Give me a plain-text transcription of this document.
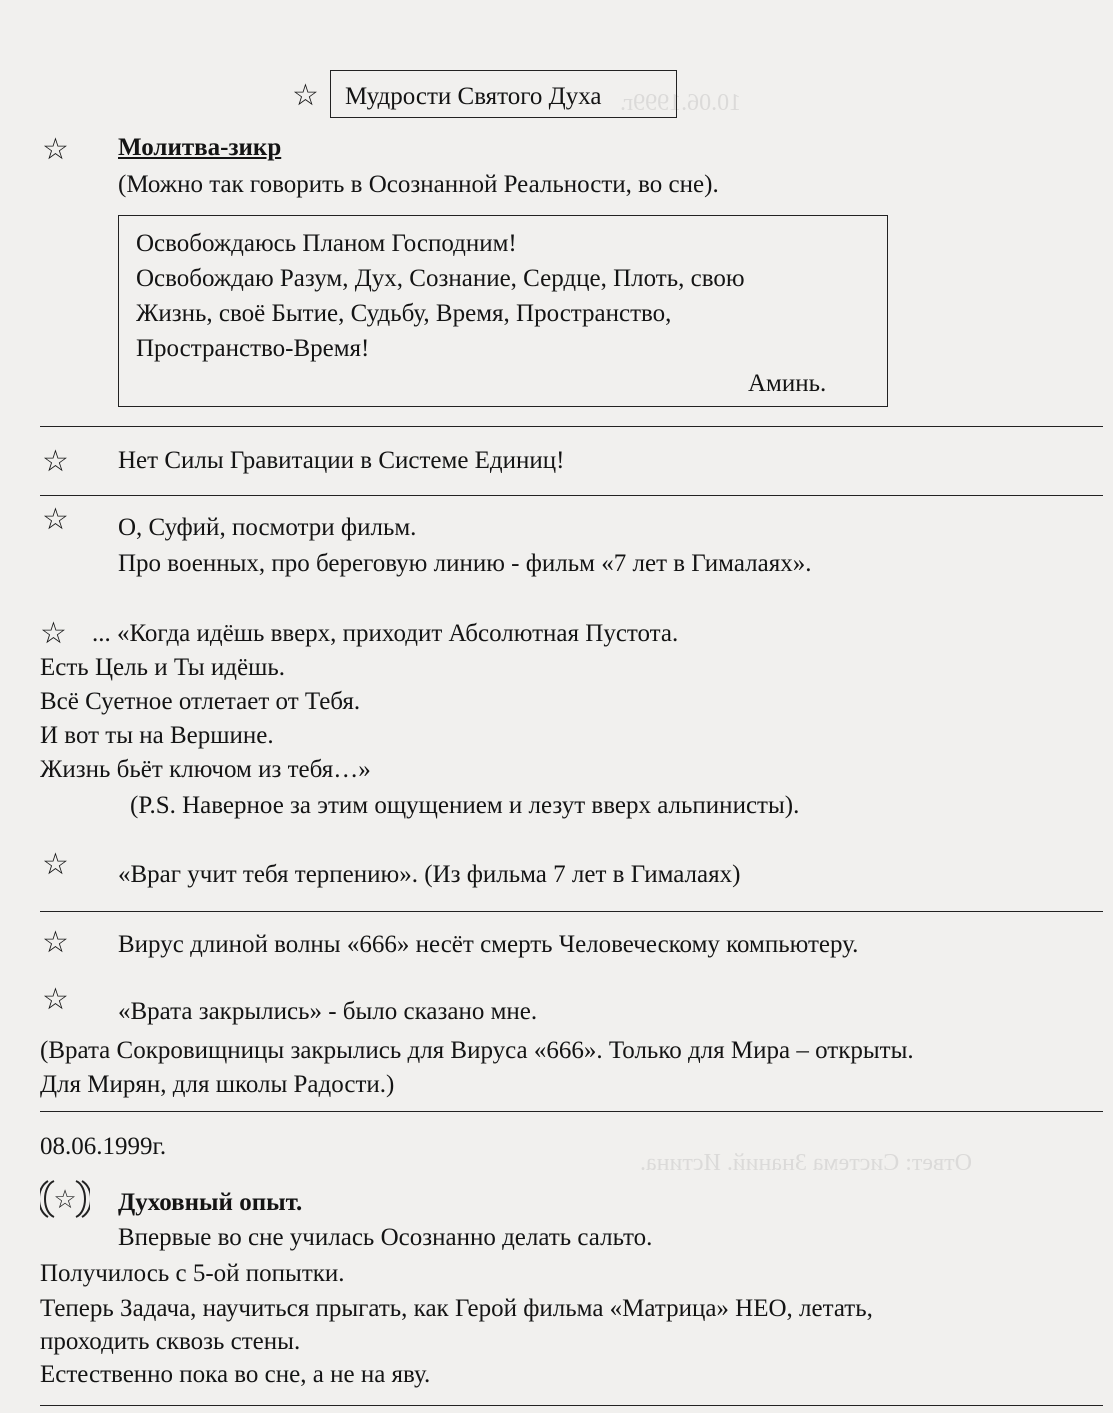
10.06.1999г.
Ответ: Система Знаний. Истина.
☆ Мудрости Святого Духа
☆ Молитва-зикр
(Можно так говорить в Осознанной Реальности, во сне).
Освобождаюсь Планом Господним!
Освобождаю Разум, Дух, Сознание, Сердце, Плоть, свою
Жизнь, своё Бытие, Судьбу, Время, Пространство,
Пространство-Время!
Аминь.
☆ Нет Силы Гравитации в Системе Единиц!
☆ О, Суфий, посмотри фильм.
Про военных, про береговую линию - фильм «7 лет в Гималаях».
☆ ... «Когда идёшь вверх, приходит Абсолютная Пустота.
Есть Цель и Ты идёшь.
Всё Суетное отлетает от Тебя.
И вот ты на Вершине.
Жизнь бьёт ключом из тебя…»
(P.S. Наверное за этим ощущением и лезут вверх альпинисты).
☆ «Враг учит тебя терпению». (Из фильма 7 лет в Гималаях)
☆ Вирус длиной волны «666» несёт смерть Человеческому компьютеру.
☆ «Врата закрылись» - было сказано мне.
(Врата Сокровищницы закрылись для Вируса «666». Только для Мира – открыты.
Для Мирян, для школы Радости.)
08.06.1999г.
☆ Духовный опыт.
Впервые во сне училась Осознанно делать сальто.
Получилось с 5-ой попытки.
Теперь Задача, научиться прыгать, как Герой фильма «Матрица» НЕО, летать,
проходить сквозь стены.
Естественно пока во сне, а не на яву.
